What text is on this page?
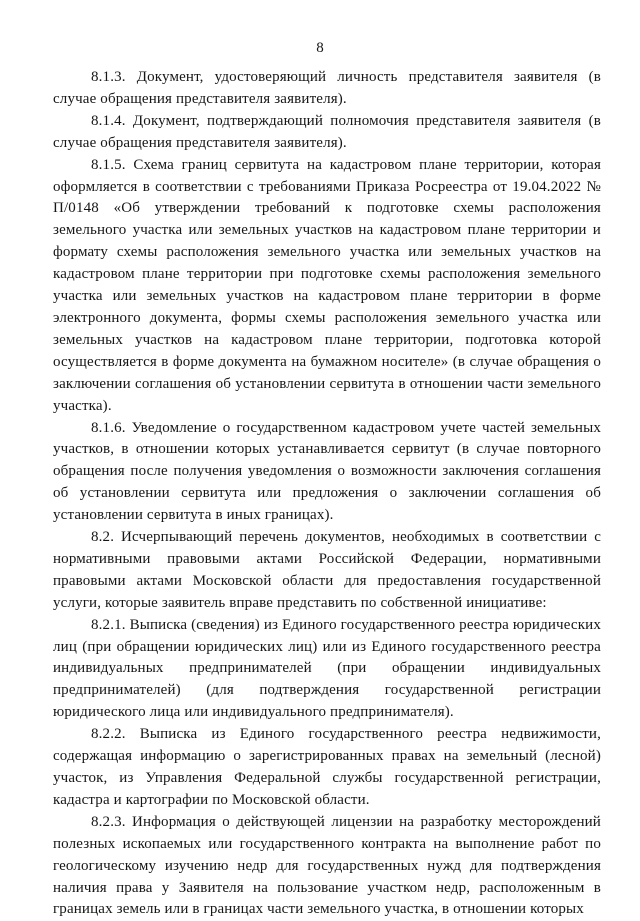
8

8.1.3. Документ, удостоверяющий личность представителя заявителя (в случае обращения представителя заявителя).

8.1.4. Документ, подтверждающий полномочия представителя заявителя (в случае обращения представителя заявителя).

8.1.5. Схема границ сервитута на кадастровом плане территории, которая оформляется в соответствии с требованиями Приказа Росреестра от 19.04.2022 № П/0148 «Об утверждении требований к подготовке схемы расположения земельного участка или земельных участков на кадастровом плане территории и формату схемы расположения земельного участка или земельных участков на кадастровом плане территории при подготовке схемы расположения земельного участка или земельных участков на кадастровом плане территории в форме электронного документа, формы схемы расположения земельного участка или земельных участков на кадастровом плане территории, подготовка которой осуществляется в форме документа на бумажном носителе» (в случае обращения о заключении соглашения об установлении сервитута в отношении части земельного участка).

8.1.6. Уведомление о государственном кадастровом учете частей земельных участков, в отношении которых устанавливается сервитут (в случае повторного обращения после получения уведомления о возможности заключения соглашения об установлении сервитута или предложения о заключении соглашения об установлении сервитута в иных границах).

8.2. Исчерпывающий перечень документов, необходимых в соответствии с нормативными правовыми актами Российской Федерации, нормативными правовыми актами Московской области для предоставления государственной услуги, которые заявитель вправе представить по собственной инициативе:

8.2.1. Выписка (сведения) из Единого государственного реестра юридических лиц (при обращении юридических лиц) или из Единого государственного реестра индивидуальных предпринимателей (при обращении индивидуальных предпринимателей) (для подтверждения государственной регистрации юридического лица или индивидуального предпринимателя).

8.2.2. Выписка из Единого государственного реестра недвижимости, содержащая информацию о зарегистрированных правах на земельный (лесной) участок, из Управления Федеральной службы государственной регистрации, кадастра и картографии по Московской области.

8.2.3. Информация о действующей лицензии на разработку месторождений полезных ископаемых или государственного контракта на выполнение работ по геологическому изучению недр для государственных нужд для подтверждения наличия права у Заявителя на пользование участком недр, расположенным в границах земель или в границах части земельного участка, в отношении которых
